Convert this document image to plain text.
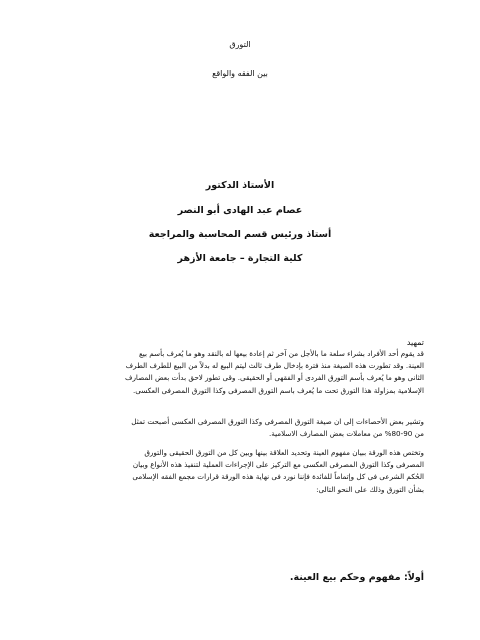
التورق
بين الفقه والواقع
الأستاذ الدكتور
عصام عبد الهادى أبو النصر
أستاذ ورئيس قسم المحاسبة والمراجعة
كلية التجارة – جامعة الأزهر
تمهيد
قد يقوم أحد الأفراد بشراء سلعة ما بالأجل من آخر ثم إعادة بيعها له بالنقد وهو ما يُعرف بأسم بيع
العينة. وقد تطورت هذه الصيغة منذ فترة بإدخال طرف ثالث ليتم البيع له بدلاً من البيع للطرف الطرف
الثانى وهو ما يُعرف بأسم التورق الفردى أو الفقهى أو الحقيقى. وقى تطور لاحق بدأت بعض المصارف
الإسلامية بمزاولة هذا التورق تحت ما يُعرف باسم التورق المصرفى وكذا التورق المصرفى العكسى.
وتشير بعض الأحصاءات إلى ان صيغة التورق المصرفى وكذا التورق المصرفى العكسى أصبحت تمثل
من 90-80% من معاملات بعض المصارف الاسلامية.
وتختص هذه الورقة ببيان مفهوم العينة وتحديد العلاقة بينها وبين كل من التورق الحقيقى والتورق
المصرفى وكذا التورق المصرفى العكسى مع التركيز على الإجراءات العملية لتنفيذ هذه الأنواع وبيان
الحُكم الشرعى فى كل وإتماماً للفائدة فإننا نورد فى نهاية هذه الورقة قرارات مجمع الفقه الإسلامى
بشأن التورق وذلك على النحو التالى:
أولاً: مفهوم وحكم بيع العينة.
